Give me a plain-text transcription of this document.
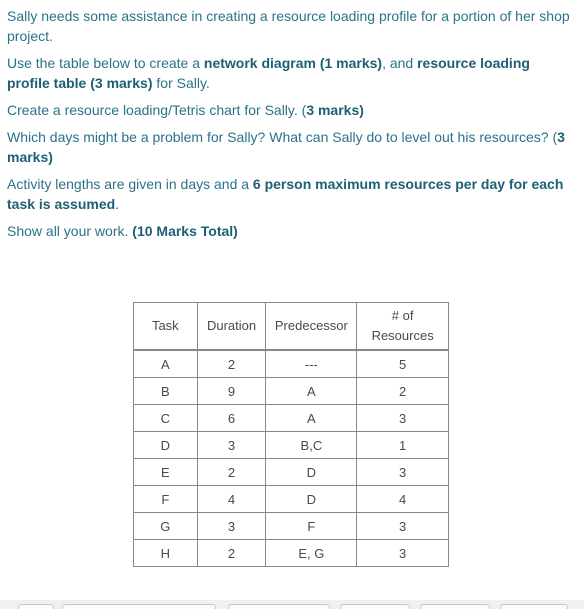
Sally needs some assistance in creating a resource loading profile for a portion of her shop project.

Use the table below to create a network diagram (1 marks), and resource loading profile table (3 marks) for Sally.

Create a resource loading/Tetris chart for Sally. (3 marks)

Which days might be a problem for Sally? What can Sally do to level out his resources? (3 marks)

Activity lengths are given in days and a 6 person maximum resources per day for each task is assumed.

Show all your work. (10 Marks Total)

Task	Duration	Predecessor	# of
Resources
A	2	---	5
B	9	A	2
C	6	A	3
D	3	B,C	1
E	2	D	3
F	4	D	4
G	3	F	3
H	2	E, G	3
